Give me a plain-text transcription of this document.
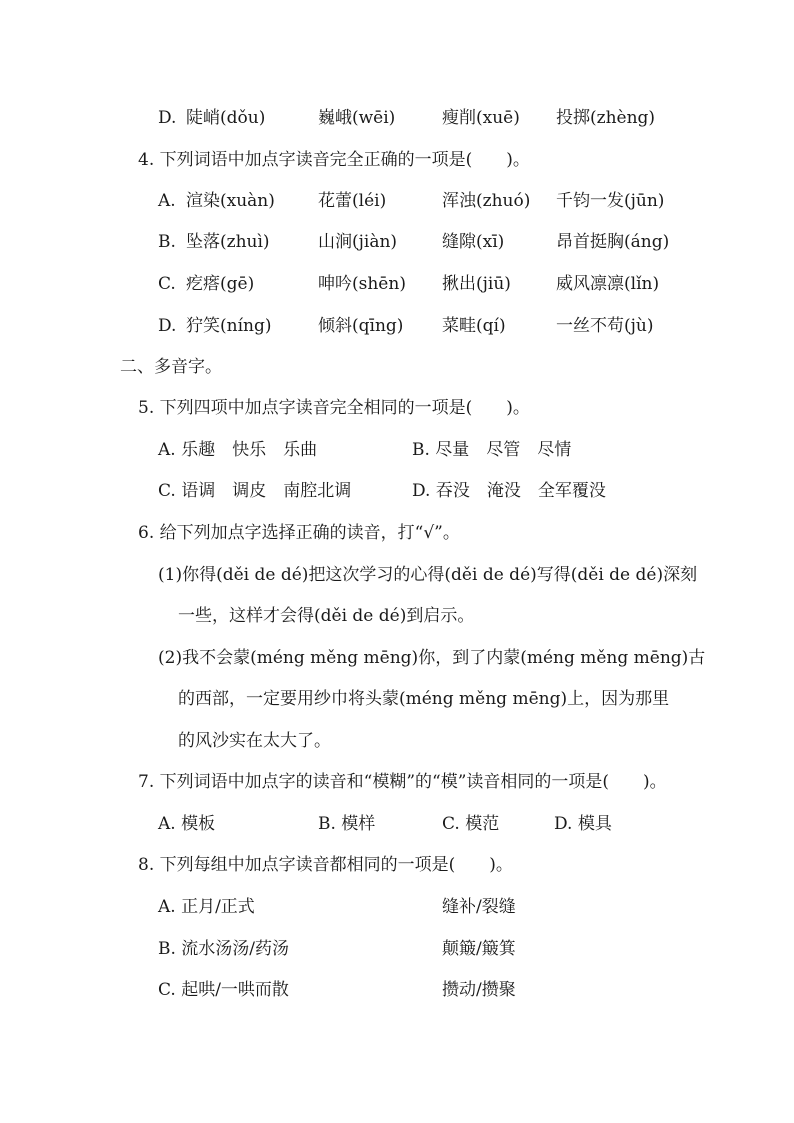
D. 陡峭(dǒu)	巍峨(wēi)	瘦削(xuē) 投掷(zhèng)
4. 下列词语中加点字读音完全正确的一项是(　　)。
A. 渲染(xuàn)	花蕾(léi)	浑浊(zhuó) 千钧一发(jūn)
B. 坠落(zhuì)	山涧(jiàn)	缝隙(xī)	昂首挺胸(áng)
C. 疙瘩(gē)	呻吟(shēn) 揪出(jiū)	威风凛凛(lǐn)
D. 狞笑(níng)	倾斜(qīng) 菜畦(qí)	一丝不苟(jù)
二、多音字。
5. 下列四项中加点字读音完全相同的一项是(　　)。
A. 乐趣　快乐　乐曲	B. 尽量　尽管　尽情
C. 语调　调皮　南腔北调	D. 吞没　淹没　全军覆没
6. 给下列加点字选择正确的读音，打“√”。
(1)你得(děi de dé)把这次学习的心得(děi de dé)写得(děi de dé)深刻
一些，这样才会得(děi de dé)到启示。
(2)我不会蒙(méng měng mēng)你，到了内蒙(méng měng mēng)古
的西部，一定要用纱巾将头蒙(méng měng mēng)上，因为那里
的风沙实在太大了。
7. 下列词语中加点字的读音和“模糊”的“模”读音相同的一项是(　　)。
A. 模板	B. 模样	C. 模范	D. 模具
8. 下列每组中加点字读音都相同的一项是(　　)。
A. 正月/正式	缝补/裂缝
B. 流水汤汤/药汤	颠簸/簸箕
C. 起哄/一哄而散	攒动/攒聚
